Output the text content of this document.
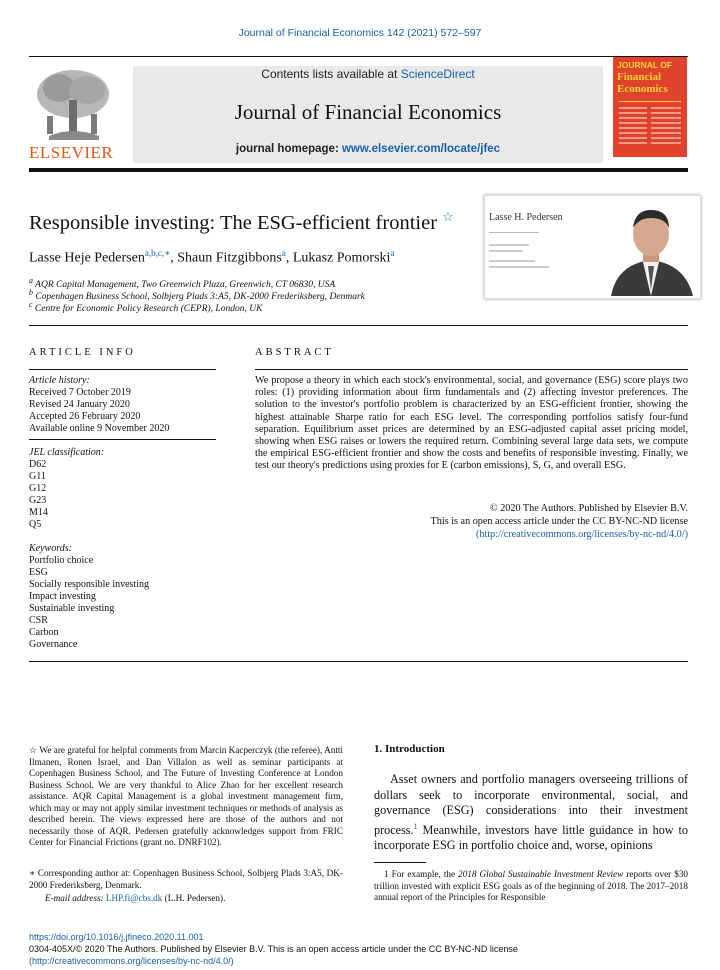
Journal of Financial Economics 142 (2021) 572–597
ELSEVIER
Contents lists available at ScienceDirect
Journal of Financial Economics
journal homepage: www.elsevier.com/locate/jfec
JOURNAL OF
Financial Economics
Responsible investing: The ESG-efficient frontier ☆
Lasse Heje Pedersen$^{a,b,c,∗}$, Shaun Fitzgibbons$^a$, Lukasz Pomorski$^a$
$^a$ AQR Capital Management, Two Greenwich Plaza, Greenwich, CT 06830, USA
$^b$ Copenhagen Business School, Solbjerg Plads 3:A5, DK-2000 Frederiksberg, Denmark
$^c$ Centre for Economic Policy Research (CEPR), London, UK
Lasse H. Pedersen
ARTICLE INFO
Article history:
Received 7 October 2019
Revised 24 January 2020
Accepted 26 February 2020
Available online 9 November 2020
JEL classification:
D62
G11
G12
G23
M14
Q5
Keywords:
Portfolio choice
ESG
Socially responsible investing
Impact investing
Sustainable investing
CSR
Carbon
Governance
ABSTRACT
We propose a theory in which each stock's environmental, social, and governance (ESG) score plays two roles: (1) providing information about firm fundamentals and (2) affecting investor preferences. The solution to the investor's portfolio problem is characterized by an ESG-efficient frontier, showing the highest attainable Sharpe ratio for each ESG level. The corresponding portfolios satisfy four-fund separation. Equilibrium asset prices are determined by an ESG-adjusted capital asset pricing model, showing when ESG raises or lowers the required return. Combining several large data sets, we compute the empirical ESG-efficient frontier and show the costs and benefits of responsible investing. Finally, we test our theory's predictions using proxies for E (carbon emissions), S, G, and overall ESG.
© 2020 The Authors. Published by Elsevier B.V.
This is an open access article under the CC BY-NC-ND license
(http://creativecommons.org/licenses/by-nc-nd/4.0/)
☆ We are grateful for helpful comments from Marcin Kacperczyk (the referee), Antti Ilmanen, Ronen Israel, and Dan Villalon as well as seminar participants at Copenhagen Business School, and The Future of Investing Conference at London Business School. We are very thankful to Alice Zhao for her excellent research assistance. AQR Capital Management is a global investment management firm, which may or may not apply similar investment techniques or methods of analysis as described herein. The views expressed here are those of the authors and not necessarily those of AQR. Pedersen gratefully acknowledges support from FRIC Center for Financial Frictions (grant no. DNRF102).
∗ Corresponding author at: Copenhagen Business School, Solbjerg Plads 3:A5, DK-2000 Frederiksberg, Denmark.
E-mail address: LHP.fi@cbs.dk (L.H. Pedersen).
1. Introduction
Asset owners and portfolio managers overseeing trillions of dollars seek to incorporate environmental, social, and governance (ESG) considerations into their investment process.$^1$ Meanwhile, investors have little guidance in how to incorporate ESG in portfolio choice and, worse, opinions
1 For example, the 2018 Global Sustainable Investment Review reports over $30 trillion invested with explicit ESG goals as of the beginning of 2018. The 2017–2018 annual report of the Principles for Responsible
https://doi.org/10.1016/j.jfineco.2020.11.001
0304-405X/© 2020 The Authors. Published by Elsevier B.V. This is an open access article under the CC BY-NC-ND license
(http://creativecommons.org/licenses/by-nc-nd/4.0/)
